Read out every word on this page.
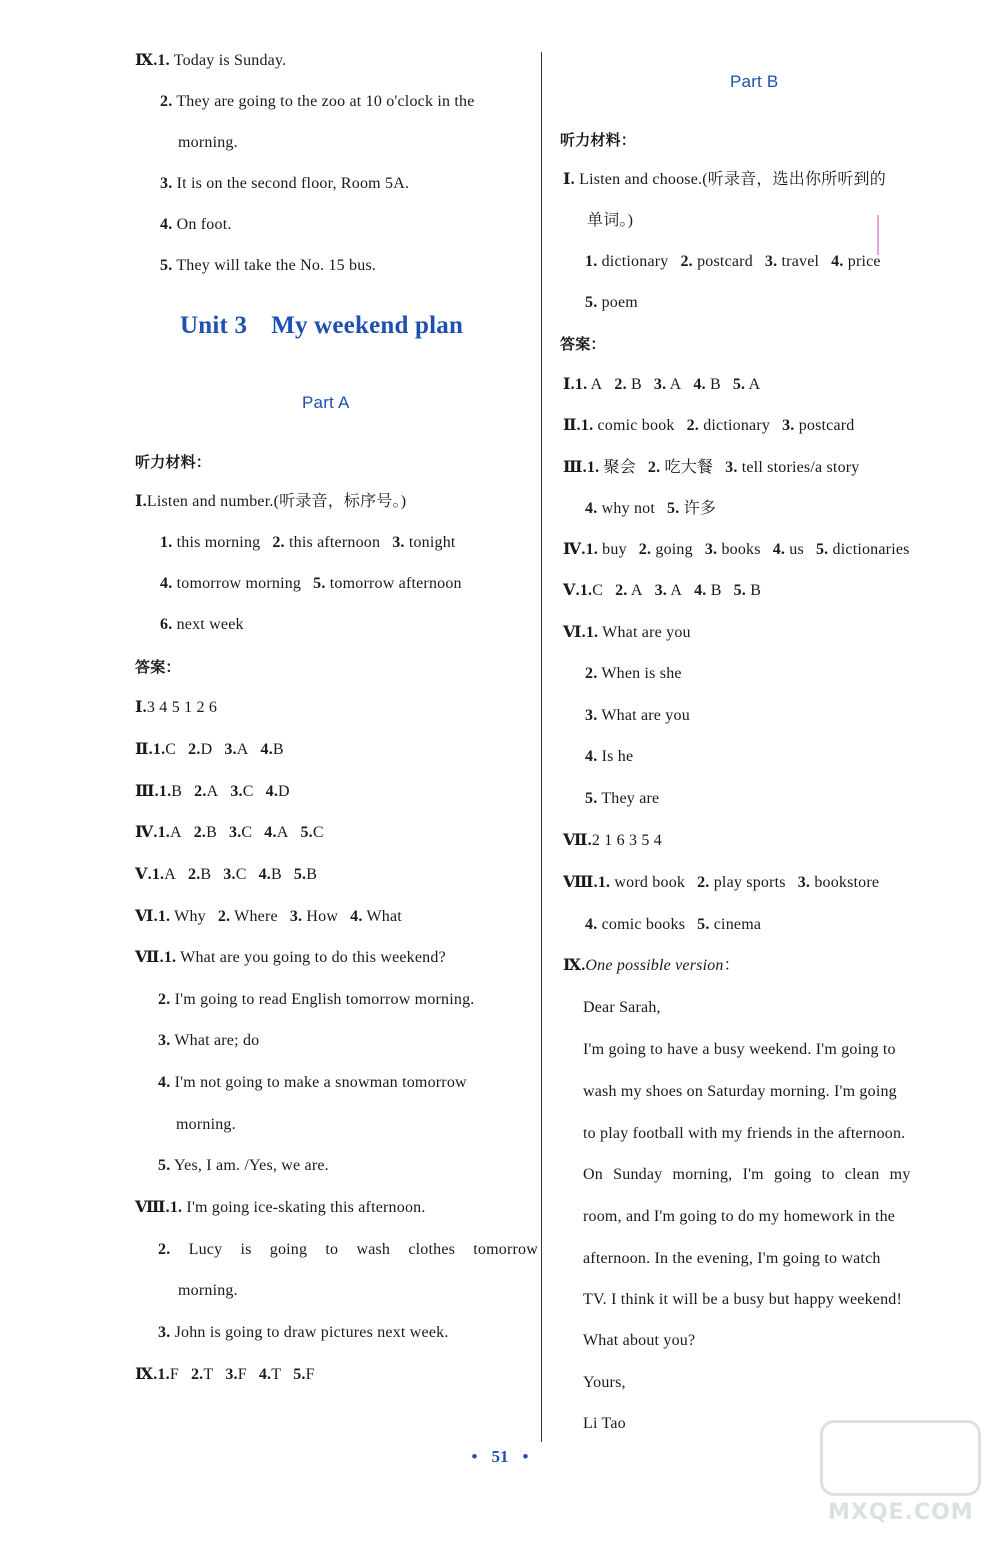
Ⅸ.1. Today is Sunday.
2. They are going to the zoo at 10 o'clock in the
morning.
3. It is on the second floor, Room 5A.
4. On foot.
5. They will take the No. 15 bus.
Unit 3 My weekend plan
Part A
听力材料：
Ⅰ.Listen and number.(听录音，标序号。)
1. this morning 2. this afternoon 3. tonight
4. tomorrow morning 5. tomorrow afternoon
6. next week
答案：
Ⅰ.3 4 5 1 2 6
Ⅱ.1.C 2.D 3.A 4.B
Ⅲ.1.B 2.A 3.C 4.D
Ⅳ.1.A 2.B 3.C 4.A 5.C
Ⅴ.1.A 2.B 3.C 4.B 5.B
Ⅵ.1. Why 2. Where 3. How 4. What
Ⅶ.1. What are you going to do this weekend?
2. I'm going to read English tomorrow morning.
3. What are; do
4. I'm not going to make a snowman tomorrow
morning.
5. Yes, I am. /Yes, we are.
Ⅷ.1. I'm going ice-skating this afternoon.
2. Lucy is going to wash clothes tomorrow
morning.
3. John is going to draw pictures next week.
Ⅸ.1.F 2.T 3.F 4.T 5.F
Part B
听力材料：
Ⅰ. Listen and choose.(听录音，选出你所听到的
单词。)
1. dictionary 2. postcard 3. travel 4. price
5. poem
答案：
Ⅰ.1. A 2. B 3. A 4. B 5. A
Ⅱ.1. comic book 2. dictionary 3. postcard
Ⅲ.1. 聚会 2. 吃大餐 3. tell stories/a story
4. why not 5. 许多
Ⅳ.1. buy 2. going 3. books 4. us 5. dictionaries
Ⅴ.1.C 2. A 3. A 4. B 5. B
Ⅵ.1. What are you
2. When is she
3. What are you
4. Is he
5. They are
Ⅶ.2 1 6 3 5 4
Ⅷ.1. word book 2. play sports 3. bookstore
4. comic books 5. cinema
Ⅸ.One possible version：
Dear Sarah,
I'm going to have a busy weekend. I'm going to
wash my shoes on Saturday morning. I'm going
to play football with my friends in the afternoon.
On Sunday morning, I'm going to clean my
room, and I'm going to do my homework in the
afternoon. In the evening, I'm going to watch
TV. I think it will be a busy but happy weekend!
What about you?
Yours,
Li Tao
• 51 •
MXQE.COM
